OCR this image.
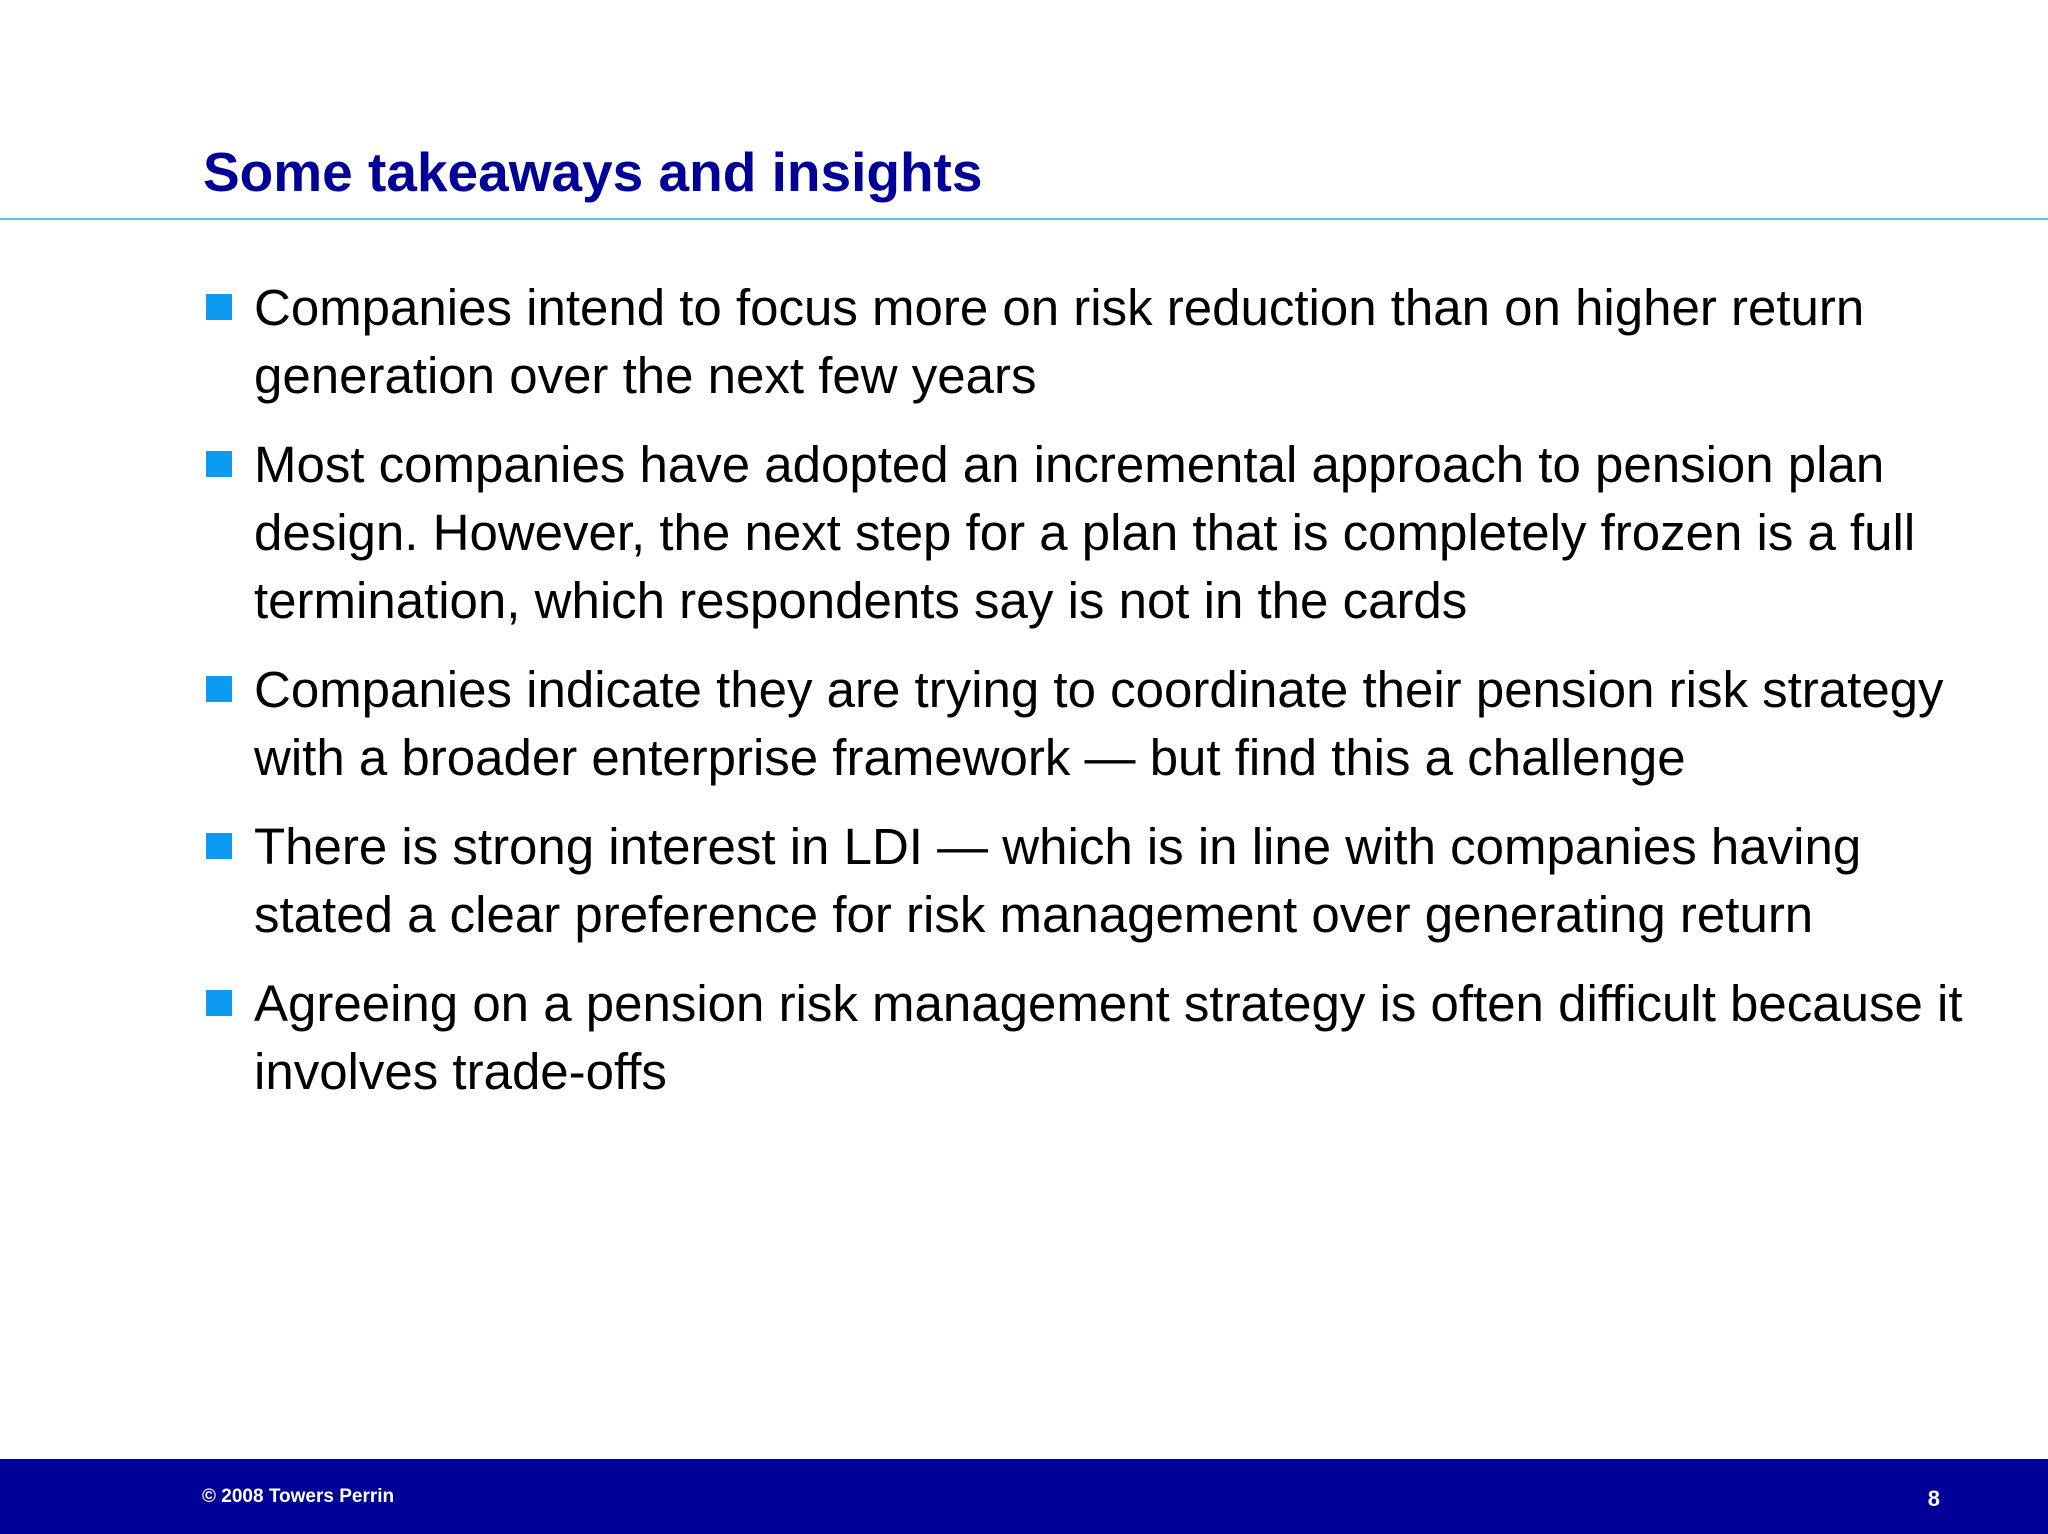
Some takeaways and insights
Companies intend to focus more on risk reduction than on higher return generation over the next few years
Most companies have adopted an incremental approach to pension plan design. However, the next step for a plan that is completely frozen is a full termination, which respondents say is not in the cards
Companies indicate they are trying to coordinate their pension risk strategy with a broader enterprise framework — but find this a challenge
There is strong interest in LDI — which is in line with companies having stated a clear preference for risk management over generating return
Agreeing on a pension risk management strategy is often difficult because it involves trade-offs
© 2008 Towers Perrin	8
